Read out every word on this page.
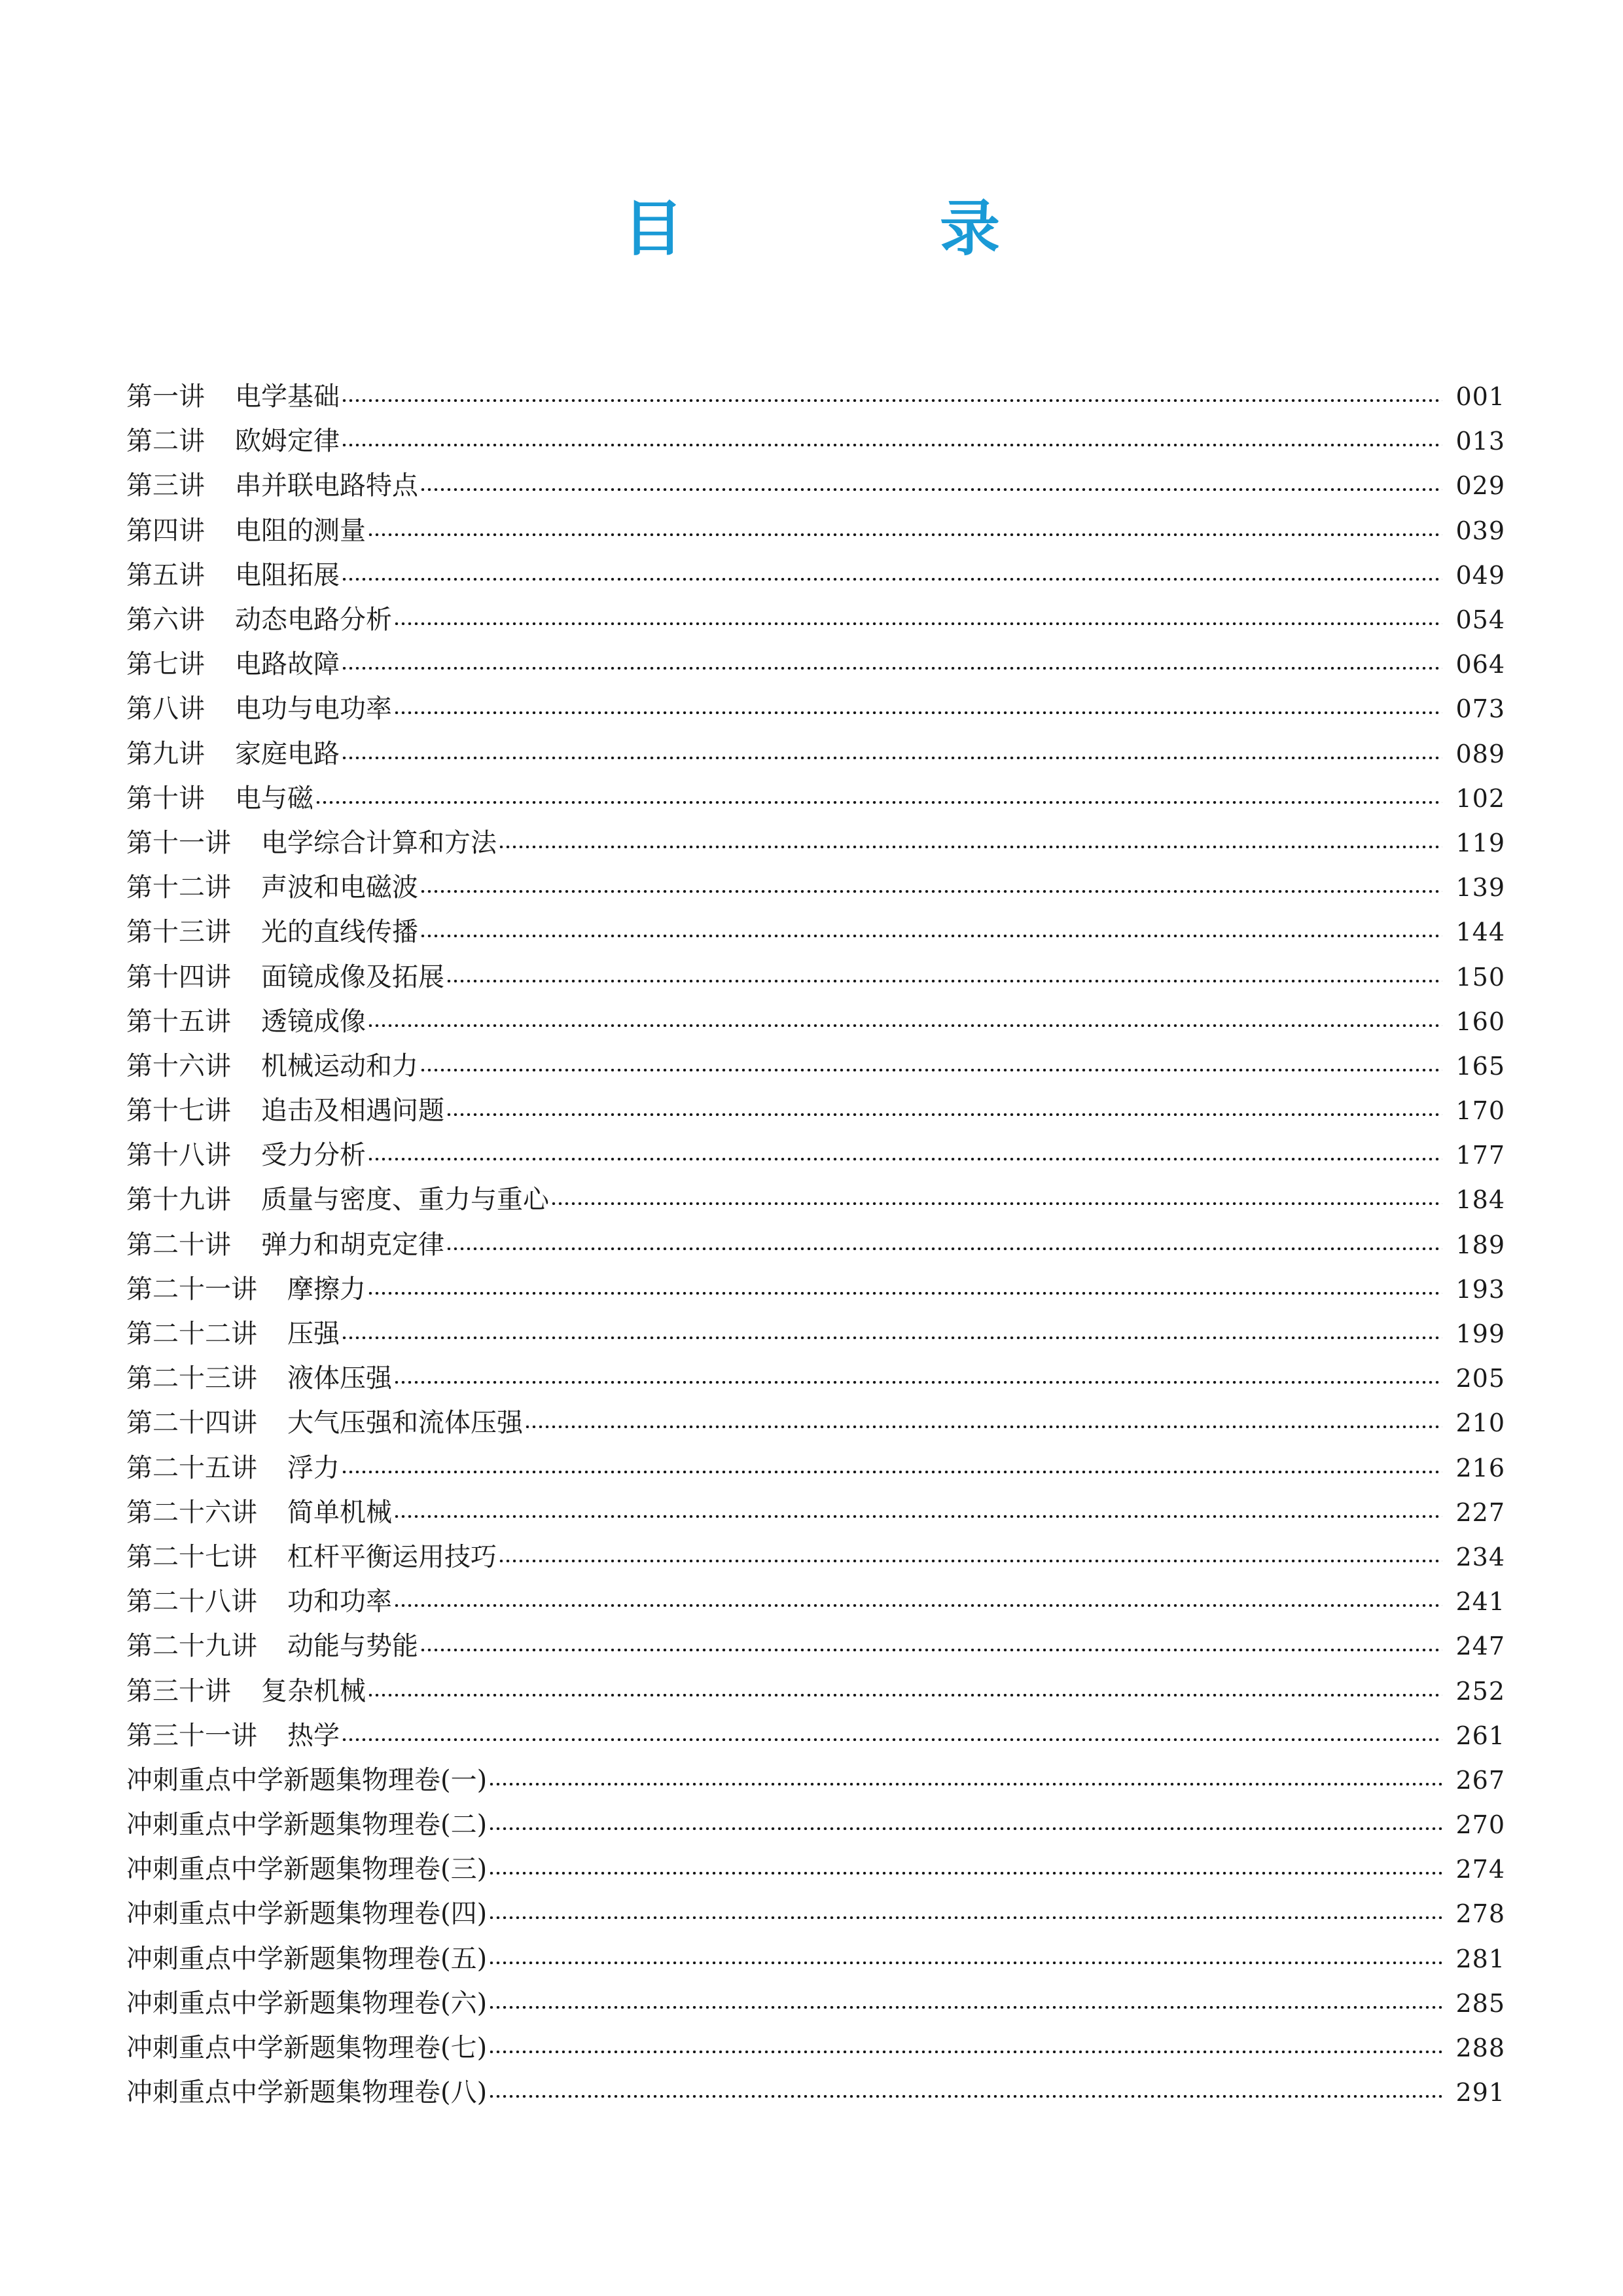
目　录
第一讲 电学基础	001
第二讲 欧姆定律	013
第三讲 串并联电路特点	029
第四讲 电阻的测量	039
第五讲 电阻拓展	049
第六讲 动态电路分析	054
第七讲 电路故障	064
第八讲 电功与电功率	073
第九讲 家庭电路	089
第十讲 电与磁	102
第十一讲 电学综合计算和方法	119
第十二讲 声波和电磁波	139
第十三讲 光的直线传播	144
第十四讲 面镜成像及拓展	150
第十五讲 透镜成像	160
第十六讲 机械运动和力	165
第十七讲 追击及相遇问题	170
第十八讲 受力分析	177
第十九讲 质量与密度、重力与重心	184
第二十讲 弹力和胡克定律	189
第二十一讲 摩擦力	193
第二十二讲 压强	199
第二十三讲 液体压强	205
第二十四讲 大气压强和流体压强	210
第二十五讲 浮力	216
第二十六讲 简单机械	227
第二十七讲 杠杆平衡运用技巧	234
第二十八讲 功和功率	241
第二十九讲 动能与势能	247
第三十讲 复杂机械	252
第三十一讲 热学	261
冲刺重点中学新题集物理卷(一)	267
冲刺重点中学新题集物理卷(二)	270
冲刺重点中学新题集物理卷(三)	274
冲刺重点中学新题集物理卷(四)	278
冲刺重点中学新题集物理卷(五)	281
冲刺重点中学新题集物理卷(六)	285
冲刺重点中学新题集物理卷(七)	288
冲刺重点中学新题集物理卷(八)	291
